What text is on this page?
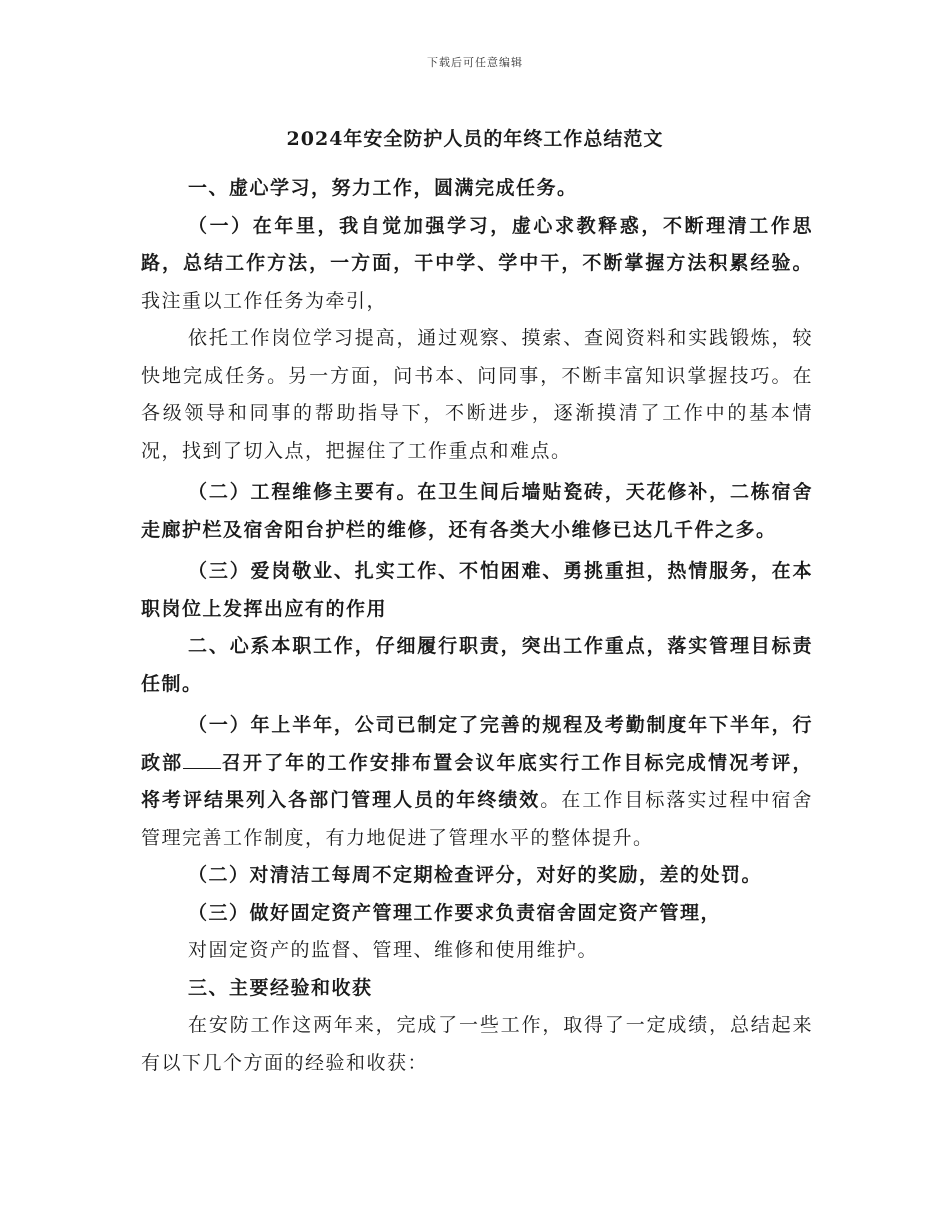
下载后可任意编辑
2024年安全防护人员的年终工作总结范文

一、虚心学习，努力工作，圆满完成任务。

（一）在年里，我自觉加强学习，虚心求教释惑，不断理清工作思路，总结工作方法，一方面，干中学、学中干，不断掌握方法积累经验。我注重以工作任务为牵引，

依托工作岗位学习提高，通过观察、摸索、查阅资料和实践锻炼，较快地完成任务。另一方面，问书本、问同事，不断丰富知识掌握技巧。在各级领导和同事的帮助指导下，不断进步，逐渐摸清了工作中的基本情况，找到了切入点，把握住了工作重点和难点。

（二）工程维修主要有。在卫生间后墙贴瓷砖，天花修补，二栋宿舍走廊护栏及宿舍阳台护栏的维修，还有各类大小维修已达几千件之多。

（三）爱岗敬业、扎实工作、不怕困难、勇挑重担，热情服务，在本职岗位上发挥出应有的作用

二、心系本职工作，仔细履行职责，突出工作重点，落实管理目标责任制。

（一）年上半年，公司已制定了完善的规程及考勤制度年下半年，行政部 召开了年的工作安排布置会议年底实行工作目标完成情况考评，将考评结果列入各部门管理人员的年终绩效。在工作目标落实过程中宿舍管理完善工作制度，有力地促进了管理水平的整体提升。

（二）对清洁工每周不定期检查评分，对好的奖励，差的处罚。

（三）做好固定资产管理工作要求负责宿舍固定资产管理，

对固定资产的监督、管理、维修和使用维护。

三、主要经验和收获

在安防工作这两年来，完成了一些工作，取得了一定成绩，总结起来有以下几个方面的经验和收获：
